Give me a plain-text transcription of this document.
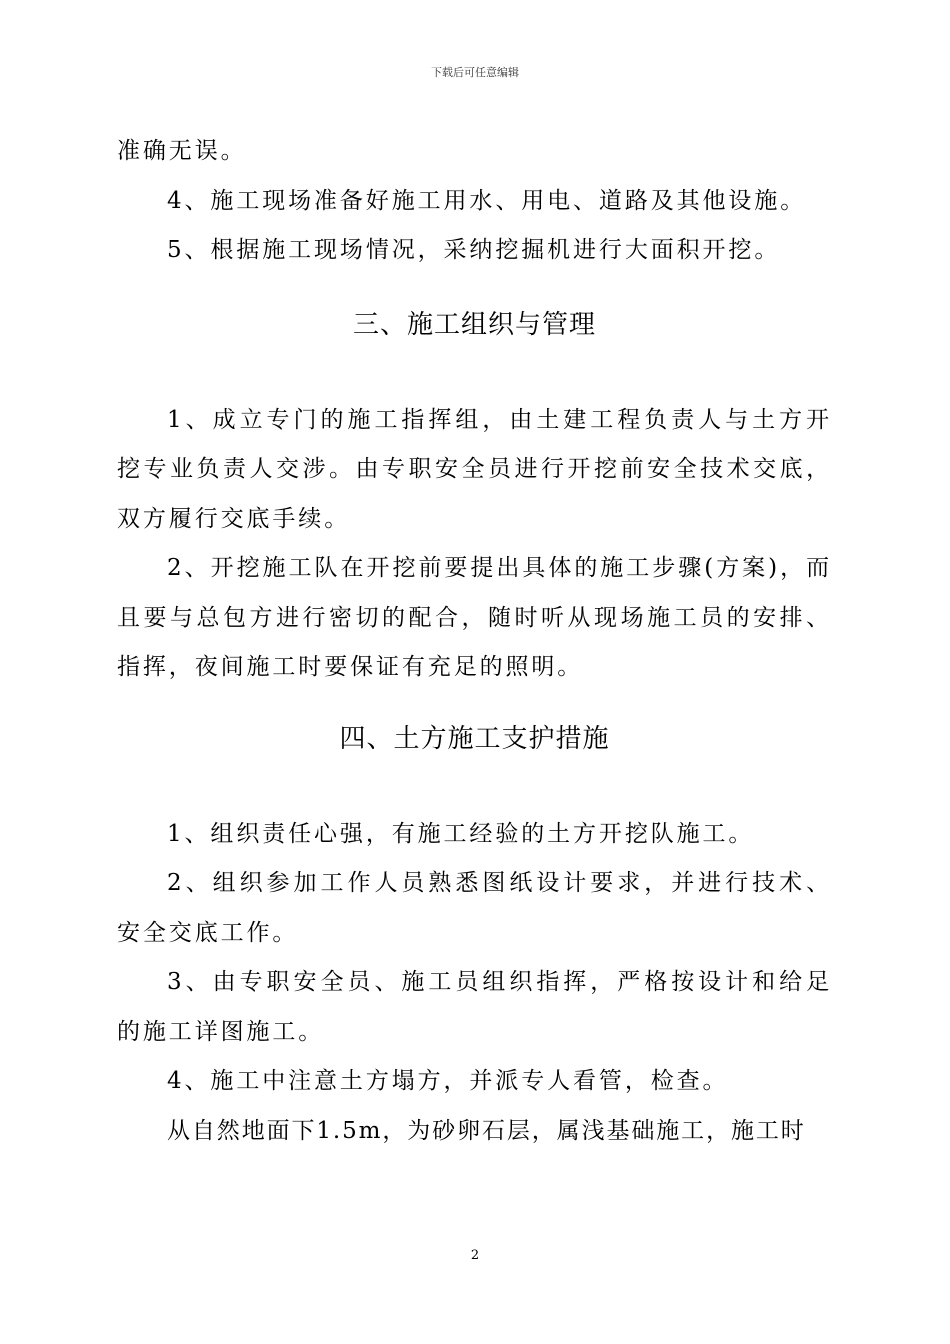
下载后可任意编辑

准确无误。

4、施工现场准备好施工用水、用电、道路及其他设施。

5、根据施工现场情况，采纳挖掘机进行大面积开挖。

三、施工组织与管理

1、成立专门的施工指挥组，由土建工程负责人与土方开挖专业负责人交涉。由专职安全员进行开挖前安全技术交底，双方履行交底手续。

2、开挖施工队在开挖前要提出具体的施工步骤(方案)，而且要与总包方进行密切的配合，随时听从现场施工员的安排、指挥，夜间施工时要保证有充足的照明。

四、土方施工支护措施

1、组织责任心强，有施工经验的土方开挖队施工。

2、组织参加工作人员熟悉图纸设计要求，并进行技术、安全交底工作。

3、由专职安全员、施工员组织指挥，严格按设计和给足的施工详图施工。

4、施工中注意土方塌方，并派专人看管，检查。

从自然地面下1.5m，为砂卵石层，属浅基础施工，施工时

2
